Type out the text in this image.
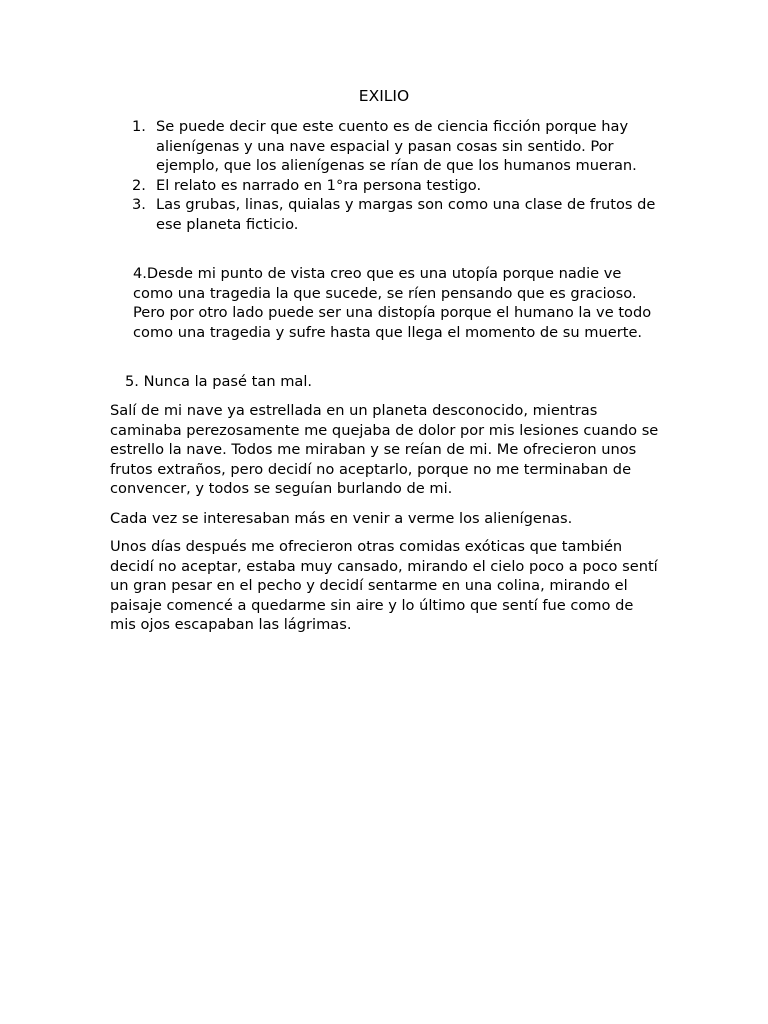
EXILIO
1. Se puede decir que este cuento es de ciencia ficción porque hay alienígenas y una nave espacial y pasan cosas sin sentido. Por ejemplo, que los alienígenas se rían de que los humanos mueran.
2. El relato es narrado en 1°ra persona testigo.
3. Las grubas, linas, quialas y margas son como una clase de frutos de ese planeta ficticio.
4.Desde mi punto de vista creo que es una utopía porque nadie ve como una tragedia la que sucede, se ríen pensando que es gracioso. Pero por otro lado puede ser una distopía porque el humano la ve todo como una tragedia y sufre hasta que llega el momento de su muerte.
5. Nunca la pasé tan mal.
Salí de mi nave ya estrellada en un planeta desconocido, mientras caminaba perezosamente me quejaba de dolor por mis lesiones cuando se estrello la nave. Todos me miraban y se reían de mi. Me ofrecieron unos frutos extraños, pero decidí no aceptarlo, porque no me terminaban de convencer, y todos se seguían burlando de mi.
Cada vez se interesaban más en venir a verme los alienígenas.
Unos días después me ofrecieron otras comidas exóticas que también decidí no aceptar, estaba muy cansado, mirando el cielo poco a poco sentí un gran pesar en el pecho y decidí sentarme en una colina, mirando el paisaje comencé a quedarme sin aire y lo último que sentí fue como de mis ojos escapaban las lágrimas.
